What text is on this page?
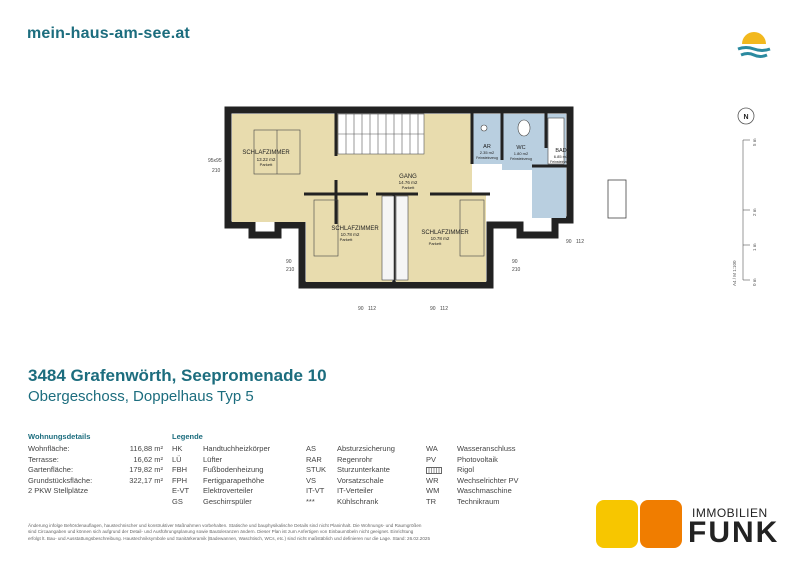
mein-haus-am-see.at
SCHLAFZIMMER
13.22 m2
Parkett
GANG
14.76 m2
Parkett
SCHLAFZIMMER
10.78 m2
Parkett
SCHLAFZIMMER
10.78 m2
Parkett
AR
2.35 m2
Feinsteinzeug
WC
1.80 m2
Feinsteinzeug
BAD
6.85 m2
Feinsteinzeug
95x95
210
90
210
90 112	90 112
90 112
90
210
N
5 m
2 m
1 m
0 m
A4 / M 1:100
3484 Grafenwörth, Seepromenade 10
Obergeschoss, Doppelhaus Typ 5
Wohnungsdetails
Wohnfläche:	116,88 m²
Terrasse:	16,62 m²
Gartenfläche:	179,82 m²
Grundstücksfläche:	322,17 m²
2 PKW Stellplätze
Legende
HK	Handtuchheizkörper
LÜ	Lüfter
FBH	Fußbodenheizung
FPH	Fertigparapethöhe
E-VT	Elektroverteiler
GS	Geschirrspüler
AS	Absturzsicherung
RAR	Regenrohr
STUK	Sturzunterkante
VS	Vorsatzschale
IT-VT	IT-Verteiler
***	Kühlschrank
WA	Wasseranschluss
PV	Photovoltaik
Rigol
WR	Wechselrichter PV
WM	Waschmaschine
TR	Technikraum
Änderung infolge Behördenauflagen, haustechnischer und konstruktiver Maßnahmen vorbehalten. Statische und bauphysikalische Details sind nicht Planinhalt. Die Wohnungs- und Raumgrößen
sind Circaangaben und können sich aufgrund der Detail- und Ausführungsplanung sowie Bautoleranzen ändern. Dieser Plan ist zum Anfertigen von Einbaumöbeln nicht geeignet. Einrichtung
erfolgt lt. Bau- und Ausstattungsbeschreibung. Haustechniksymbole und Sanitärkeramik (Badewannen, Waschtisch, WCs, etc.) sind nicht maßstäblich und definieren nur die Lage. Stand: 26.02.2025
IMMOBILIEN
FUNK
